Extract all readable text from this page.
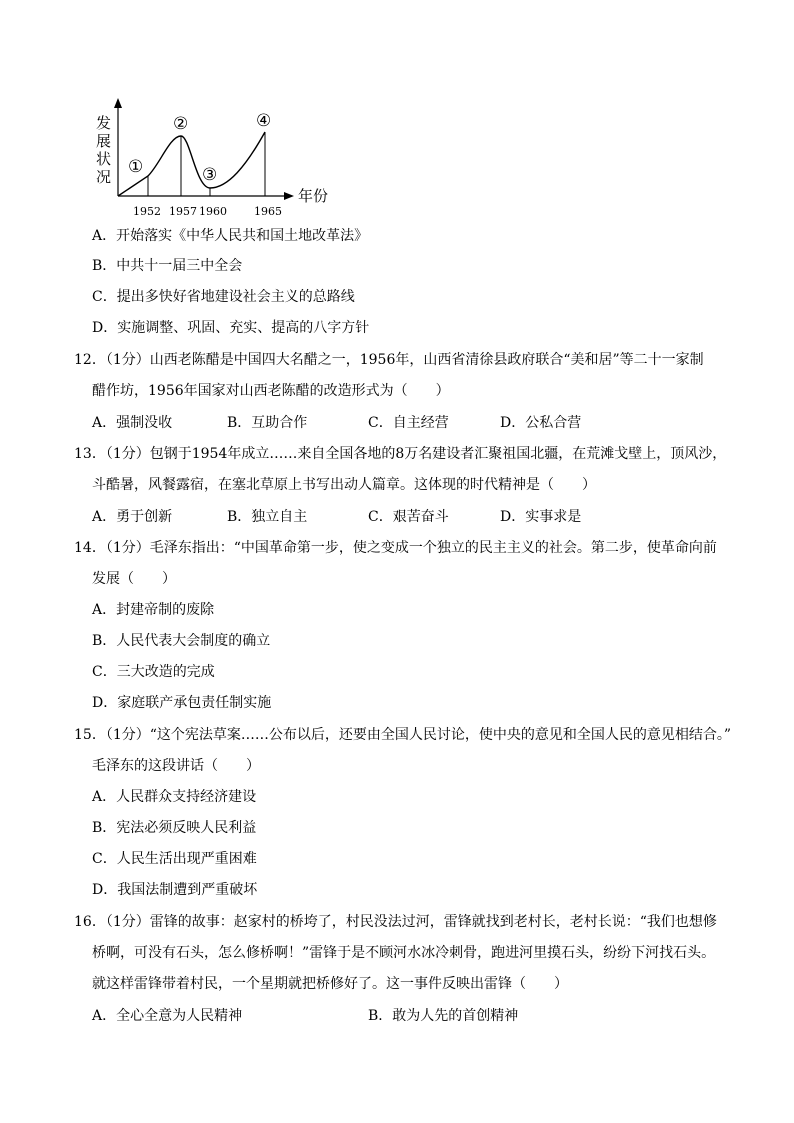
发
展
状
况
年份
①
②
③
④
1952 1957 1960 1965
A．开始落实《中华人民共和国土地改革法》
B．中共十一届三中全会
C．提出多快好省地建设社会主义的总路线
D．实施调整、巩固、充实、提高的八字方针
12．（1分）山西老陈醋是中国四大名醋之一，1956年，山西省清徐县政府联合“美和居”等二十一家制
醋作坊，1956年国家对山西老陈醋的改造形式为（　　）
A．强制没收	B．互助合作	C．自主经营	D．公私合营
13．（1分）包钢于1954年成立……来自全国各地的8万名建设者汇聚祖国北疆，在荒滩戈壁上，顶风沙，
斗酷暑，风餐露宿，在塞北草原上书写出动人篇章。这体现的时代精神是（　　）
A．勇于创新	B．独立自主	C．艰苦奋斗	D．实事求是
14．（1分）毛泽东指出：“中国革命第一步，使之变成一个独立的民主主义的社会。第二步，使革命向前
发展（　　）
A．封建帝制的废除
B．人民代表大会制度的确立
C．三大改造的完成
D．家庭联产承包责任制实施
15．（1分）“这个宪法草案……公布以后，还要由全国人民讨论，使中央的意见和全国人民的意见相结合。”
毛泽东的这段讲话（　　）
A．人民群众支持经济建设
B．宪法必须反映人民利益
C．人民生活出现严重困难
D．我国法制遭到严重破坏
16．（1分）雷锋的故事：赵家村的桥垮了，村民没法过河，雷锋就找到老村长，老村长说：“我们也想修
桥啊，可没有石头，怎么修桥啊！”雷锋于是不顾河水冰冷刺骨，跑进河里摸石头，纷纷下河找石头。
就这样雷锋带着村民，一个星期就把桥修好了。这一事件反映出雷锋（　　）
A．全心全意为人民精神	B．敢为人先的首创精神
